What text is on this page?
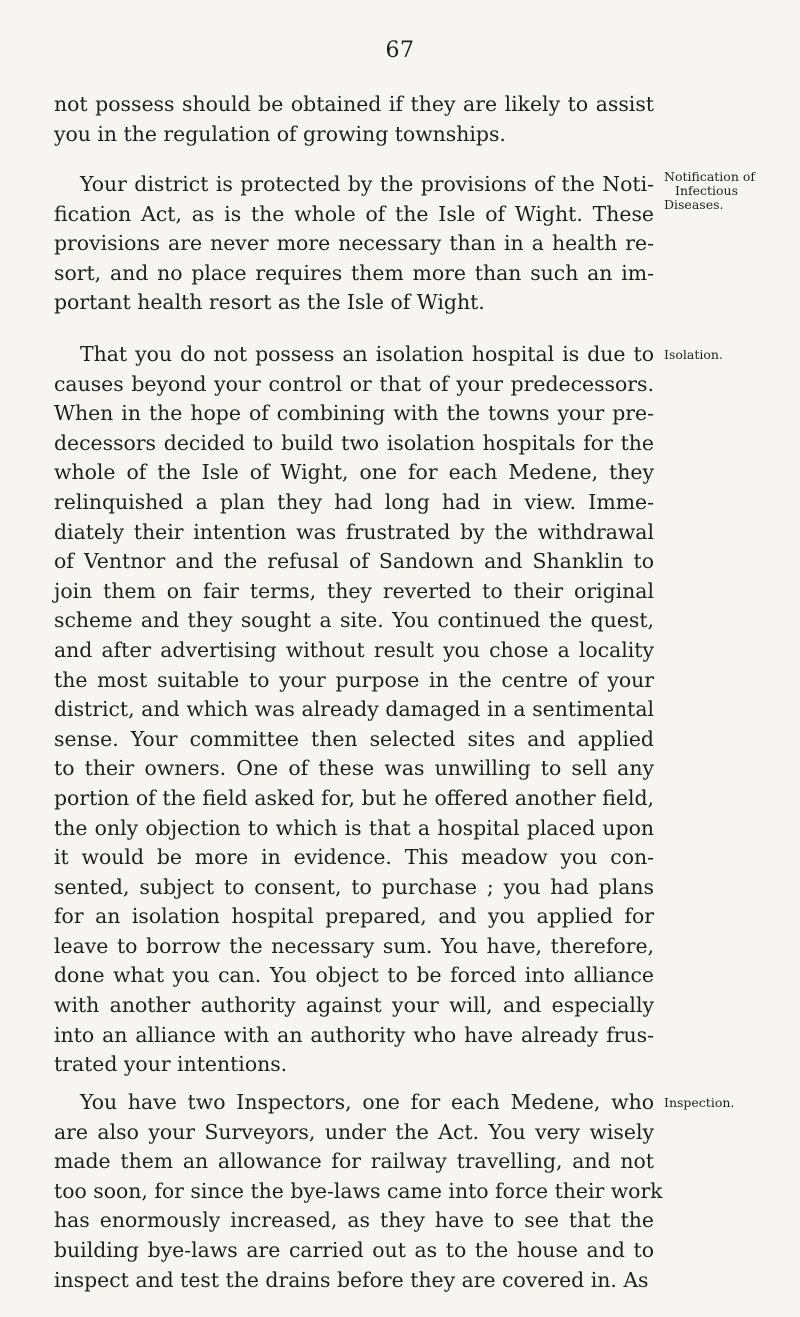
67
not possess should be obtained if they are likely to assist
you in the regulation of growing townships.
Your district is protected by the provisions of the Noti-
fication Act, as is the whole of the Isle of Wight. These
provisions are never more necessary than in a health re-
sort, and no place requires them more than such an im-
portant health resort as the Isle of Wight.
That you do not possess an isolation hospital is due to
causes beyond your control or that of your predecessors.
When in the hope of combining with the towns your pre-
decessors decided to build two isolation hospitals for the
whole of the Isle of Wight, one for each Medene, they
relinquished a plan they had long had in view. Imme-
diately their intention was frustrated by the withdrawal
of Ventnor and the refusal of Sandown and Shanklin to
join them on fair terms, they reverted to their original
scheme and they sought a site. You continued the quest,
and after advertising without result you chose a locality
the most suitable to your purpose in the centre of your
district, and which was already damaged in a sentimental
sense. Your committee then selected sites and applied
to their owners. One of these was unwilling to sell any
portion of the field asked for, but he offered another field,
the only objection to which is that a hospital placed upon
it would be more in evidence. This meadow you con-
sented, subject to consent, to purchase ; you had plans
for an isolation hospital prepared, and you applied for
leave to borrow the necessary sum. You have, therefore,
done what you can. You object to be forced into alliance
with another authority against your will, and especially
into an alliance with an authority who have already frus-
trated your intentions.
You have two Inspectors, one for each Medene, who
are also your Surveyors, under the Act. You very wisely
made them an allowance for railway travelling, and not
too soon, for since the bye-laws came into force their work
has enormously increased, as they have to see that the
building bye-laws are carried out as to the house and to
inspect and test the drains before they are covered in. As
Notification of
Infectious
Diseases.
Isolation.
Inspection.
